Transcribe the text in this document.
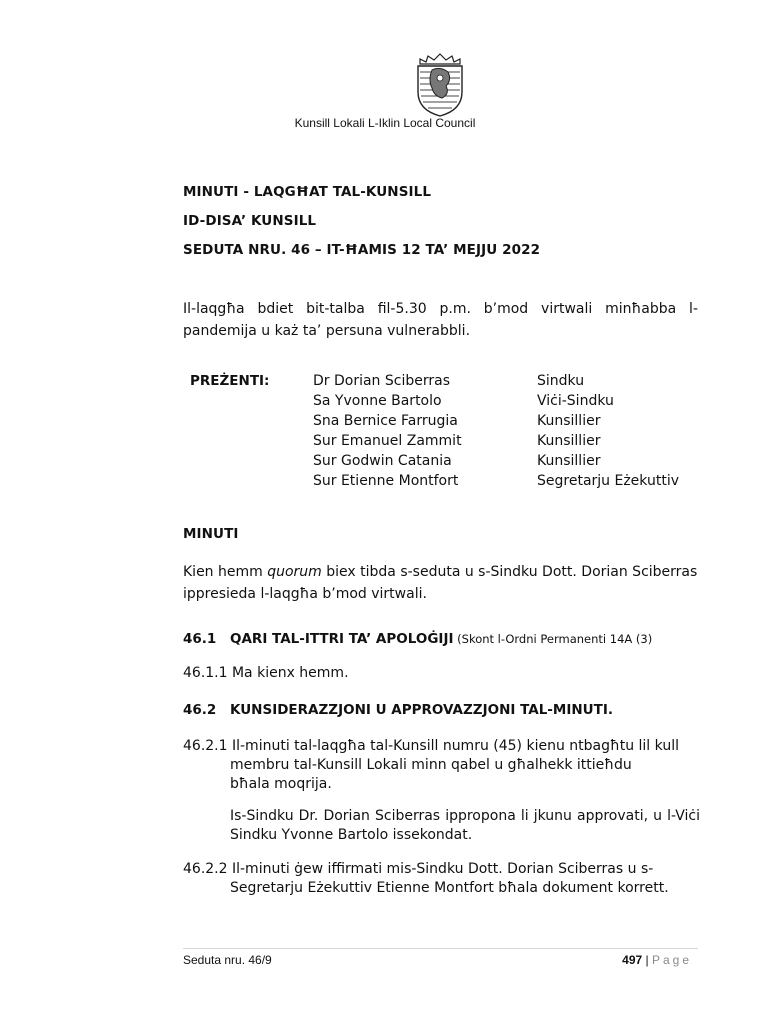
Kunsill Lokali L-Iklin Local Council
MINUTI - LAQGĦAT TAL-KUNSILL
ID-DISA’ KUNSILL
SEDUTA NRU. 46 – IT-ĦAMIS 12 TA’ MEJJU 2022
Il-laqgħa bdiet bit-talba fil-5.30 p.m. b’mod virtwali minħabba l-pandemija u każ ta’ persuna vulnerabbli.
PREŻENTI:	Dr Dorian Sciberras
Sa Yvonne Bartolo
Sna Bernice Farrugia
Sur Emanuel Zammit
Sur Godwin Catania
Sur Etienne Montfort
Sindku
Viċi-Sindku
Kunsillier
Kunsillier
Kunsillier
Segretarju Eżekuttiv
MINUTI
Kien hemm quorum biex tibda s-seduta u s-Sindku Dott. Dorian Sciberras ippresieda l-laqgħa b’mod virtwali.
46.1 QARI TAL-ITTRI TA’ APOLOĠIJI (Skont l-Ordni Permanenti 14A (3)
46.1.1 Ma kienx hemm.
46.2 KUNSIDERAZZJONI U APPROVAZZJONI TAL-MINUTI.
46.2.1 Il-minuti tal-laqgħa tal-Kunsill numru (45) kienu ntbagħtu lil kull
membru tal-Kunsill Lokali minn qabel u għalhekk ittieħdu bħala moqrija.
Is-Sindku Dr. Dorian Sciberras ippropona li jkunu approvati, u l-Viċi Sindku Yvonne Bartolo issekondat.
46.2.2 Il-minuti ġew iffirmati mis-Sindku Dott. Dorian Sciberras u s-
Segretarju Eżekuttiv Etienne Montfort bħala dokument korrett.
Seduta nru. 46/9	497 | Page
